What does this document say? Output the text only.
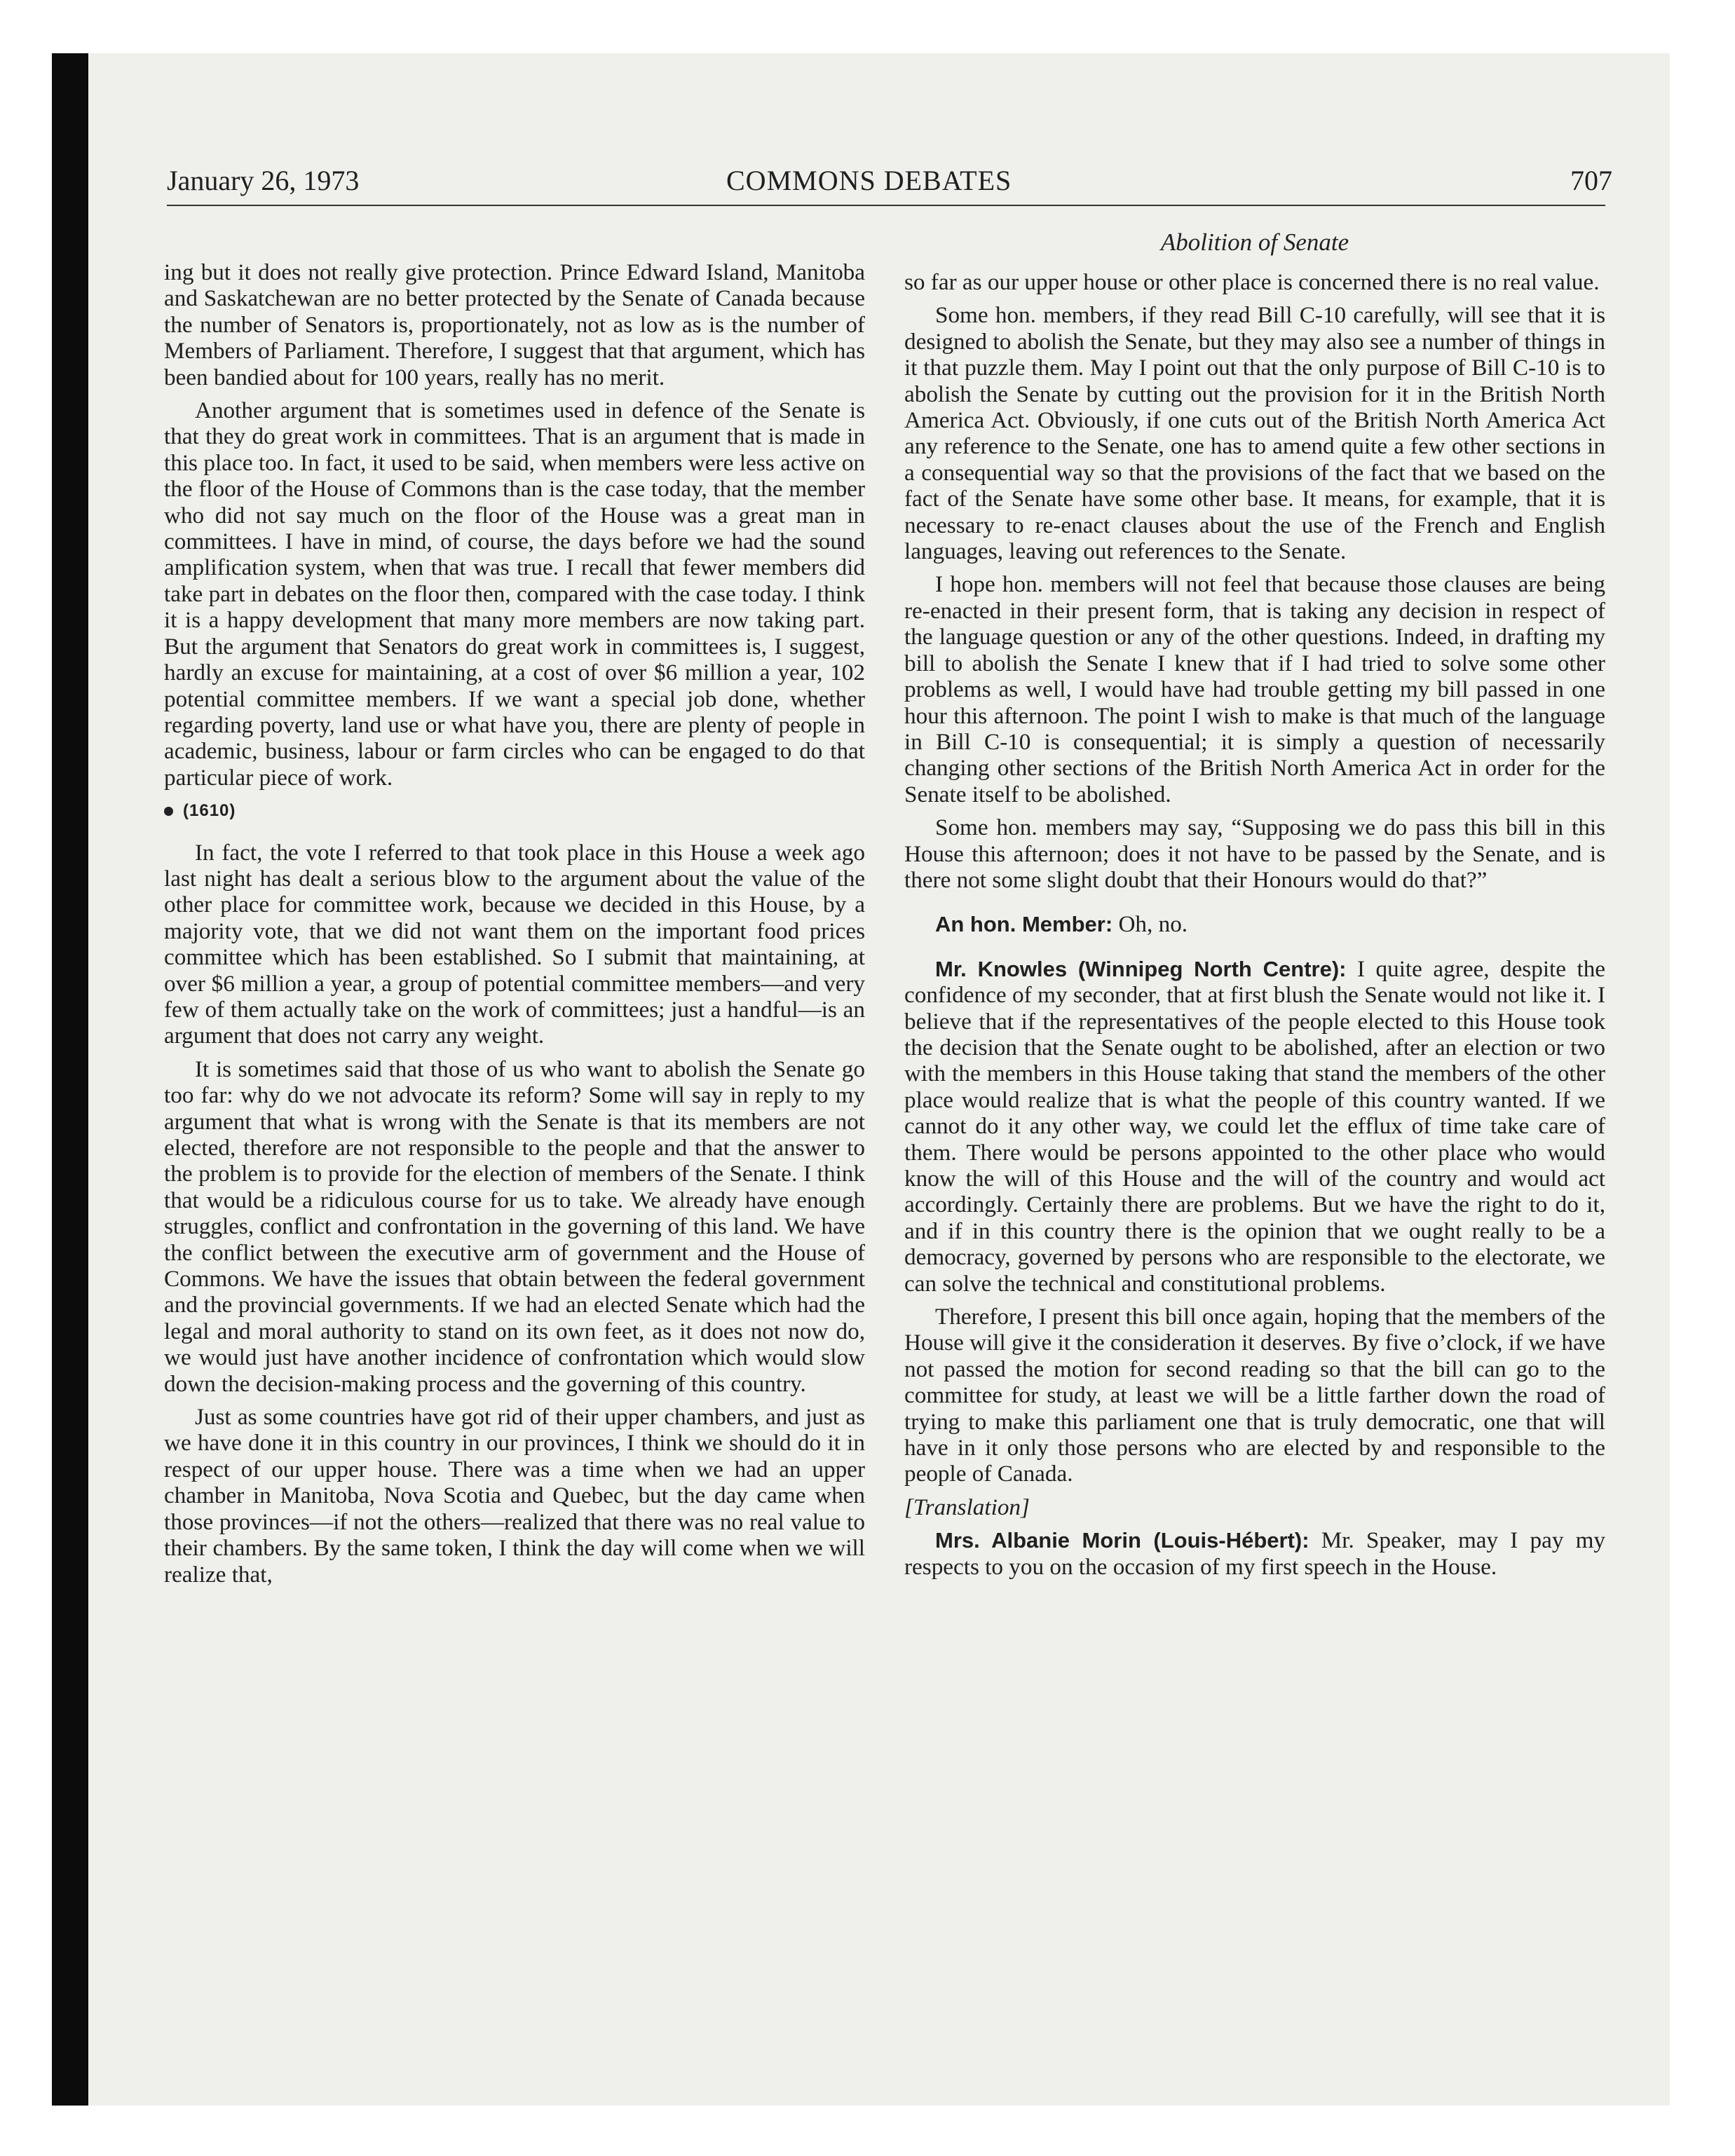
January 26, 1973	COMMONS DEBATES	707
Abolition of Senate

ing but it does not really give protection. Prince Edward Island, Manitoba and Saskatchewan are no better protected by the Senate of Canada because the number of Senators is, proportionately, not as low as is the number of Members of Parliament. Therefore, I suggest that that argument, which has been bandied about for 100 years, really has no merit.

Another argument that is sometimes used in defence of the Senate is that they do great work in committees. That is an argument that is made in this place too. In fact, it used to be said, when members were less active on the floor of the House of Commons than is the case today, that the member who did not say much on the floor of the House was a great man in committees. I have in mind, of course, the days before we had the sound amplification system, when that was true. I recall that fewer members did take part in debates on the floor then, compared with the case today. I think it is a happy development that many more members are now taking part. But the argument that Senators do great work in committees is, I suggest, hardly an excuse for maintaining, at a cost of over $6 million a year, 102 potential committee members. If we want a special job done, whether regarding poverty, land use or what have you, there are plenty of people in academic, business, labour or farm circles who can be engaged to do that particular piece of work.

(1610)

In fact, the vote I referred to that took place in this House a week ago last night has dealt a serious blow to the argument about the value of the other place for committee work, because we decided in this House, by a majority vote, that we did not want them on the important food prices committee which has been established. So I submit that maintaining, at over $6 million a year, a group of potential committee members—and very few of them actually take on the work of committees; just a handful—is an argument that does not carry any weight.

It is sometimes said that those of us who want to abolish the Senate go too far: why do we not advocate its reform? Some will say in reply to my argument that what is wrong with the Senate is that its members are not elected, therefore are not responsible to the people and that the answer to the problem is to provide for the election of members of the Senate. I think that would be a ridiculous course for us to take. We already have enough struggles, conflict and confrontation in the governing of this land. We have the conflict between the executive arm of government and the House of Commons. We have the issues that obtain between the federal government and the provincial governments. If we had an elected Senate which had the legal and moral authority to stand on its own feet, as it does not now do, we would just have another incidence of confrontation which would slow down the decision-making process and the governing of this country.

Just as some countries have got rid of their upper chambers, and just as we have done it in this country in our provinces, I think we should do it in respect of our upper house. There was a time when we had an upper chamber in Manitoba, Nova Scotia and Quebec, but the day came when those provinces—if not the others—realized that there was no real value to their chambers. By the same token, I think the day will come when we will realize that,

so far as our upper house or other place is concerned there is no real value.

Some hon. members, if they read Bill C-10 carefully, will see that it is designed to abolish the Senate, but they may also see a number of things in it that puzzle them. May I point out that the only purpose of Bill C-10 is to abolish the Senate by cutting out the provision for it in the British North America Act. Obviously, if one cuts out of the British North America Act any reference to the Senate, one has to amend quite a few other sections in a consequential way so that the provisions of the fact that we based on the fact of the Senate have some other base. It means, for example, that it is necessary to re-enact clauses about the use of the French and English languages, leaving out references to the Senate.

I hope hon. members will not feel that because those clauses are being re-enacted in their present form, that is taking any decision in respect of the language question or any of the other questions. Indeed, in drafting my bill to abolish the Senate I knew that if I had tried to solve some other problems as well, I would have had trouble getting my bill passed in one hour this afternoon. The point I wish to make is that much of the language in Bill C-10 is consequential; it is simply a question of necessarily changing other sections of the British North America Act in order for the Senate itself to be abolished.

Some hon. members may say, “Supposing we do pass this bill in this House this afternoon; does it not have to be passed by the Senate, and is there not some slight doubt that their Honours would do that?”

An hon. Member: Oh, no.

Mr. Knowles (Winnipeg North Centre): I quite agree, despite the confidence of my seconder, that at first blush the Senate would not like it. I believe that if the representatives of the people elected to this House took the decision that the Senate ought to be abolished, after an election or two with the members in this House taking that stand the members of the other place would realize that is what the people of this country wanted. If we cannot do it any other way, we could let the efflux of time take care of them. There would be persons appointed to the other place who would know the will of this House and the will of the country and would act accordingly. Certainly there are problems. But we have the right to do it, and if in this country there is the opinion that we ought really to be a democracy, governed by persons who are responsible to the electorate, we can solve the technical and constitutional problems.

Therefore, I present this bill once again, hoping that the members of the House will give it the consideration it deserves. By five o’clock, if we have not passed the motion for second reading so that the bill can go to the committee for study, at least we will be a little farther down the road of trying to make this parliament one that is truly democratic, one that will have in it only those persons who are elected by and responsible to the people of Canada.

[Translation]

Mrs. Albanie Morin (Louis-Hébert): Mr. Speaker, may I pay my respects to you on the occasion of my first speech in the House.
